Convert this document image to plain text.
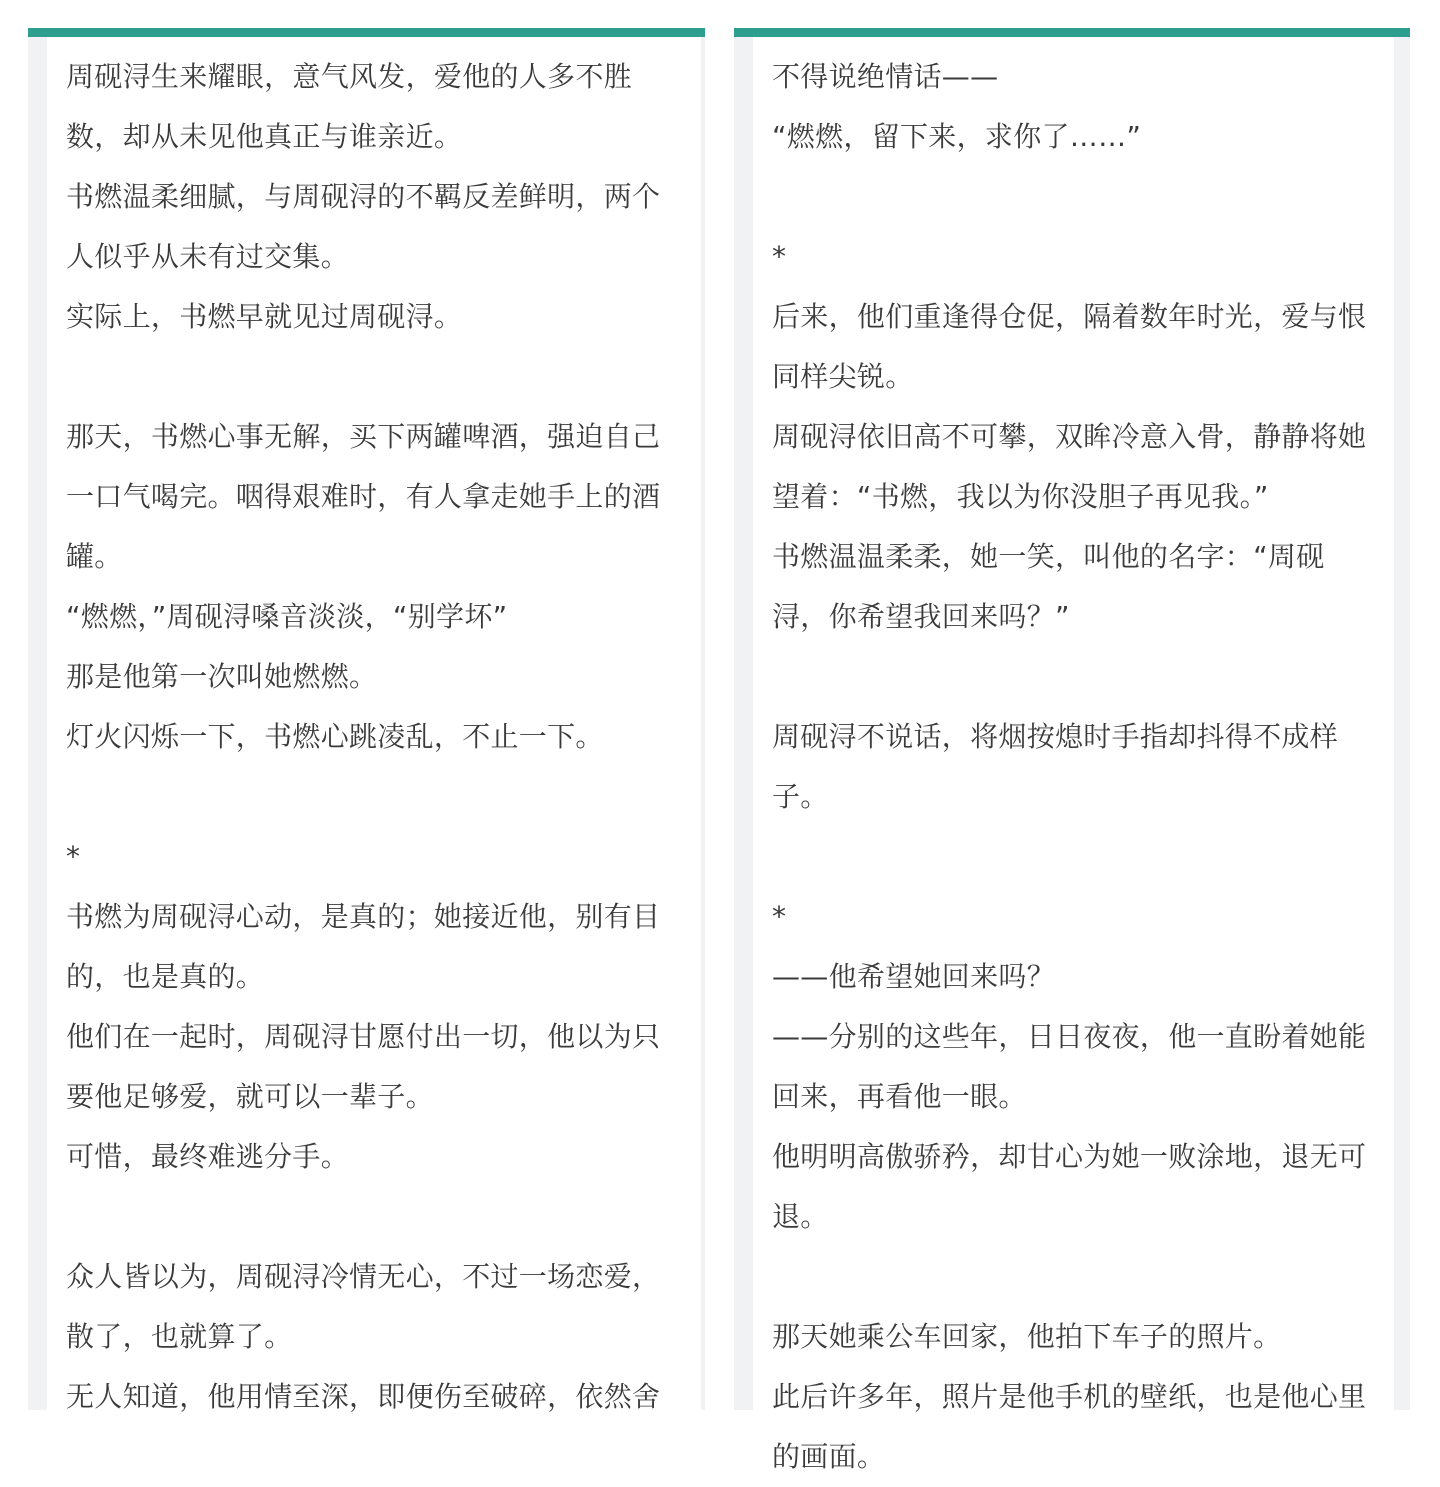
周砚浔生来耀眼，意气风发，爱他的人多不胜

数，却从未见他真正与谁亲近。

书燃温柔细腻，与周砚浔的不羁反差鲜明，两个

人似乎从未有过交集。

实际上，书燃早就见过周砚浔。

那天，书燃心事无解，买下两罐啤酒，强迫自己

一口气喝完。咽得艰难时，有人拿走她手上的酒

罐。

“燃燃，”周砚浔嗓音淡淡，“别学坏”

那是他第一次叫她燃燃。

灯火闪烁一下，书燃心跳凌乱，不止一下。

*

书燃为周砚浔心动，是真的；她接近他，别有目

的，也是真的。

他们在一起时，周砚浔甘愿付出一切，他以为只

要他足够爱，就可以一辈子。

可惜，最终难逃分手。

众人皆以为，周砚浔冷情无心，不过一场恋爱，

散了，也就算了。

无人知道，他用情至深，即便伤至破碎，依然舍

不得说绝情话——

“燃燃，留下来，求你了……”

*

后来，他们重逢得仓促，隔着数年时光，爱与恨

同样尖锐。

周砚浔依旧高不可攀，双眸冷意入骨，静静将她

望着：“书燃，我以为你没胆子再见我。”

书燃温温柔柔，她一笑，叫他的名字：“周砚

浔，你希望我回来吗？”

周砚浔不说话，将烟按熄时手指却抖得不成样

子。

*

——他希望她回来吗？

——分别的这些年，日日夜夜，他一直盼着她能

回来，再看他一眼。

他明明高傲骄矜，却甘心为她一败涂地，退无可

退。

那天她乘公车回家，他拍下车子的照片。

此后许多年，照片是他手机的壁纸，也是他心里

的画面。
